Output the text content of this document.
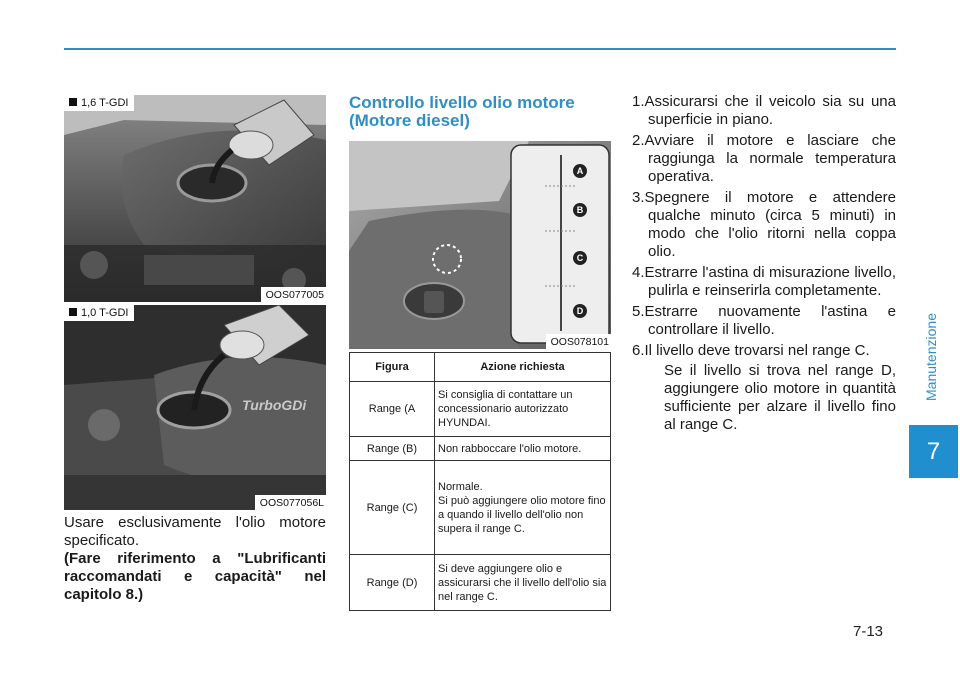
Manutenzione
7
1,6 T-GDI
OOS077005
TurboGDi
1,0 T-GDI
OOS077056L
Usare esclusivamente l'olio motore specificato.
(Fare riferimento a "Lubrificanti raccomandati e capacità" nel capitolo 8.)
Controllo livello olio motore (Motore diesel)
A
B
C
D
OOS078101
Figura	Azione richiesta
Range (A	Si consiglia di contattare un concessionario autorizzato HYUNDAI.
Range (B)	Non rabboccare l'olio motore.
Range (C)	Normale.
Si può aggiungere olio motore fino a quando il livello dell'olio non supera il range C.
Range (D)	Si deve aggiungere olio e assicurarsi che il livello dell'olio sia nel range C.
1.Assicurarsi che il veicolo sia su una superficie in piano.
2.Avviare il motore e lasciare che raggiunga la normale temperatura operativa.
3.Spegnere il motore e attendere qualche minuto (circa 5 minuti) in modo che l'olio ritorni nella coppa olio.
4.Estrarre l'astina di misurazione livello, pulirla e reinserirla completamente.
5.Estrarre nuovamente l'astina e controllare il livello.
6.Il livello deve trovarsi nel range C.
Se il livello si trova nel range D, aggiungere olio motore in quantità sufficiente per alzare il livello fino al range C.
7-13
